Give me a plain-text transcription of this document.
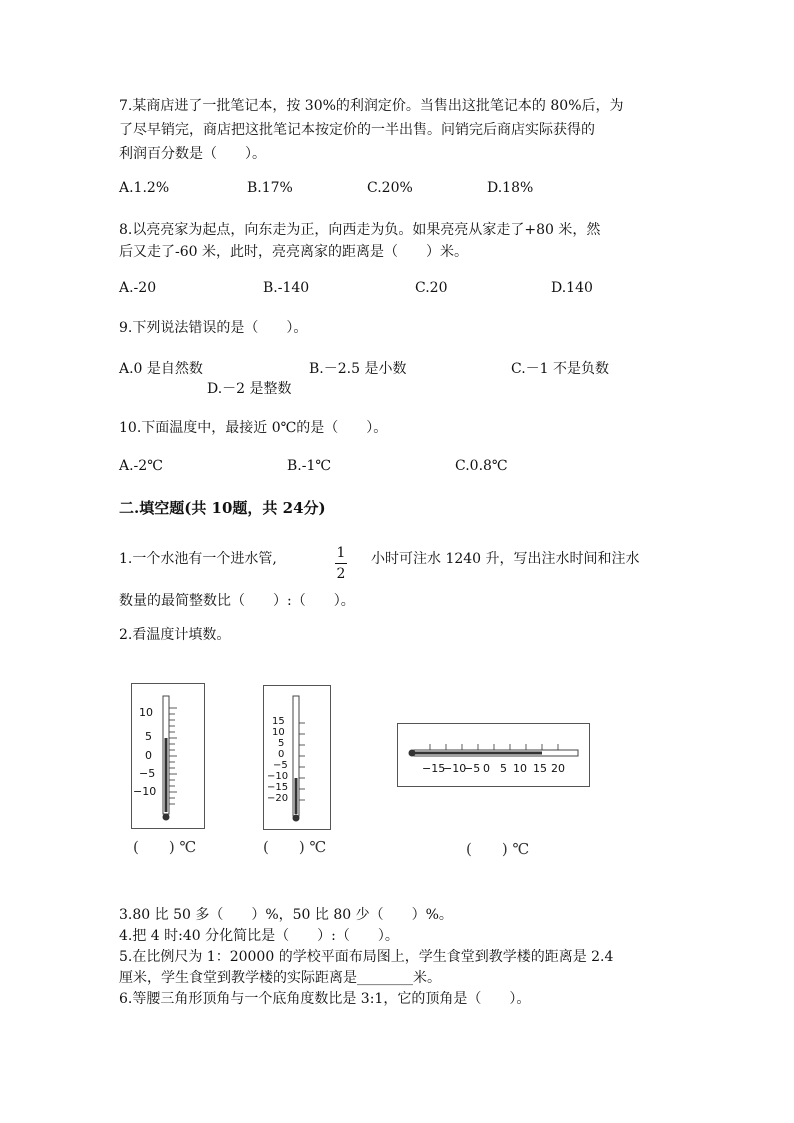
7.某商店进了一批笔记本，按 30%的利润定价。当售出这批笔记本的 80%后，为
了尽早销完，商店把这批笔记本按定价的一半出售。问销完后商店实际获得的
利润百分数是（　　）。
A.1.2%	B.17%	C.20%	D.18%
8.以亮亮家为起点，向东走为正，向西走为负。如果亮亮从家走了+80 米，然
后又走了-60 米，此时，亮亮离家的距离是（　　）米。
A.-20	B.-140	C.20	D.140
9.下列说法错误的是（　　）。
A.0 是自然数	B.－2.5 是小数	C.－1 不是负数
D.－2 是整数
10.下面温度中，最接近 0℃的是（　　）。
A.-2℃	B.-1℃	C.0.8℃
二.填空题(共 10题，共 24分)
1.一个水池有一个进水管,	1
2
小时可注水 1240 升，写出注水时间和注水
数量的最简整数比（　　）:（　　）。
2.看温度计填数。
10
5
0
−5
−10
(　　) ℃
15
10
5
0
−5
−10
−15
−20
(　　) ℃
−15
−10
−5 0 5 10 15 20
(　　) ℃
3.80 比 50 多（　　）%，50 比 80 少（　　）%。
4.把 4 时:40 分化简比是（　　）:（　　）。
5.在比例尺为 1：20000 的学校平面布局图上，学生食堂到教学楼的距离是 2.4
厘米，学生食堂到教学楼的实际距离是________米。
6.等腰三角形顶角与一个底角度数比是 3:1，它的顶角是（　　）。
